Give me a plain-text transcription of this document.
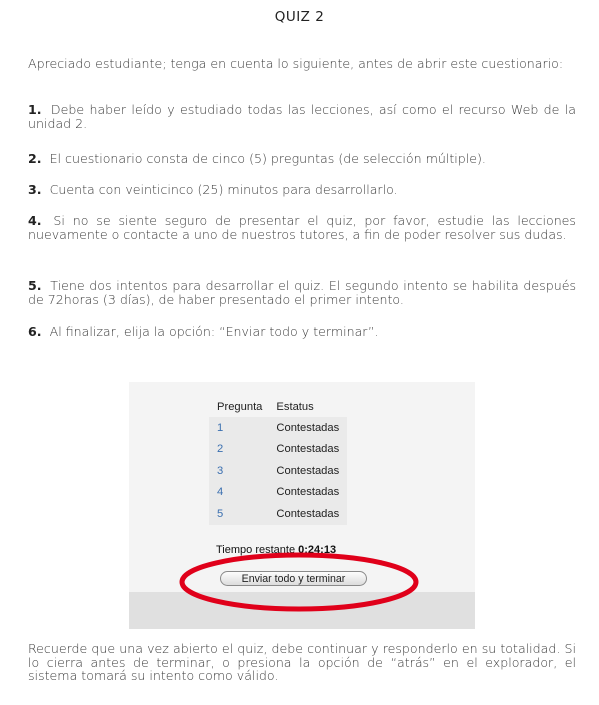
QUIZ 2
Apreciado estudiante; tenga en cuenta lo siguiente, antes de abrir este cuestionario:
1. Debe haber leído y estudiado todas las lecciones, así como el recurso Web de la unidad 2.
2. El cuestionario consta de cinco (5) preguntas (de selección múltiple).
3. Cuenta con veinticinco (25) minutos para desarrollarlo.
4. Si no se siente seguro de presentar el quiz, por favor, estudie las lecciones nuevamente o contacte a uno de nuestros tutores, a fin de poder resolver sus dudas.
5. Tiene dos intentos para desarrollar el quiz. El segundo intento se habilita después de 72horas (3 días), de haber presentado el primer intento.
6. Al finalizar, elija la opción: “Enviar todo y terminar”.
Pregunta	Estatus
1	Contestadas
2	Contestadas
3	Contestadas
4	Contestadas
5	Contestadas
Tiempo restante 0:24:13
Enviar todo y terminar
Recuerde que una vez abierto el quiz, debe continuar y responderlo en su totalidad. Si lo cierra antes de terminar, o presiona la opción de “atrás” en el explorador, el sistema tomará su intento como válido.
